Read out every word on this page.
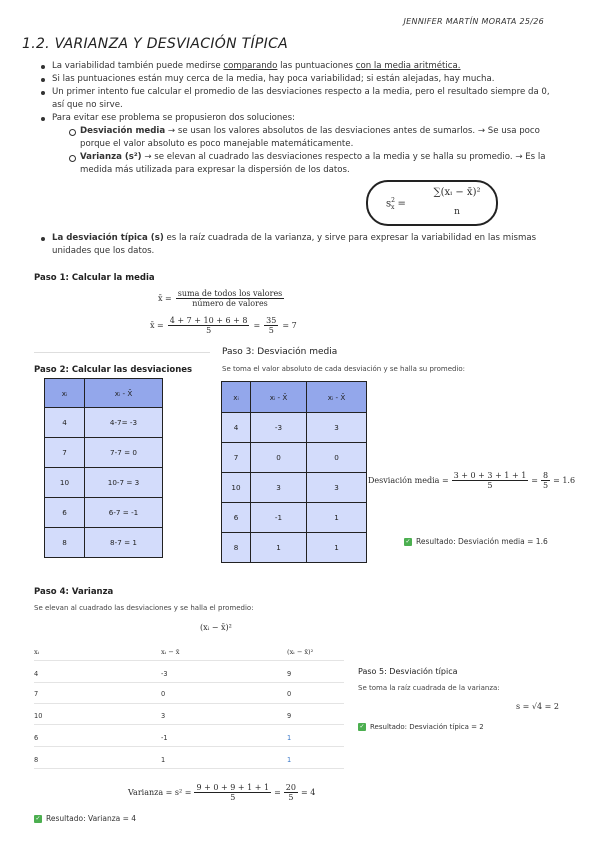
JENNIFER MARTÍN MORATA 25/26
1.2. VARIANZA Y DESVIACIÓN TÍPICA
La variabilidad también puede medirse comparando las puntuaciones con la media aritmética.
Si las puntuaciones están muy cerca de la media, hay poca variabilidad; si están alejadas, hay mucha.
Un primer intento fue calcular el promedio de las desviaciones respecto a la media, pero el resultado siempre da 0, así que no sirve.
Para evitar ese problema se propusieron dos soluciones:
Desviación media → se usan los valores absolutos de las desviaciones antes de sumarlos. → Se usa poco porque el valor absoluto es poco manejable matemáticamente.
Varianza (s²) → se elevan al cuadrado las desviaciones respecto a la media y se halla su promedio. → Es la medida más utilizada para expresar la dispersión de los datos.
$s^2_x$ =
∑(xᵢ − x̄)²
n
La desviación típica (s) es la raíz cuadrada de la varianza, y sirve para expresar la variabilidad en las mismas unidades que los datos.
Paso 1: Calcular la media
x̄ = $\frac{\text{suma de todos los valores}}{\text{número de valores}}$
x̄ = $\frac{4 + 7 + 10 + 6 + 8}{5} = \frac{35}{5} = 7$
Paso 2: Calcular las desviaciones
xᵢ	xᵢ - X̄
4	4-7= -3
7	7-7 = 0
10	10-7 = 3
6	6-7 = -1
8	8-7 = 1
Paso 3: Desviación media
Se toma el valor absoluto de cada desviación y se halla su promedio:
xᵢ	xᵢ - X̄	xᵢ - X̄
4	-3	3
7	0	0
10	3	3
6	-1	1
8	1	1
Desviación media = $\frac{3 + 0 + 3 + 1 + 1}{5} = \frac{8}{5} = 1.6$
✓ Resultado: Desviación media = 1.6
Paso 4: Varianza
Se elevan al cuadrado las desviaciones y se halla el promedio:
(xᵢ − x̄)²
xᵢ	xᵢ − x̄	(xᵢ − x̄)²
4	-3	9
7	0	0
10	3	9
6	-1	1
8	1	1
Varianza = $s^2 = \frac{9 + 0 + 9 + 1 + 1}{5} = \frac{20}{5} = 4$
✓ Resultado: Varianza = 4
Paso 5: Desviación típica
Se toma la raíz cuadrada de la varianza:
s = √4 = 2
✓ Resultado: Desviación típica = 2
